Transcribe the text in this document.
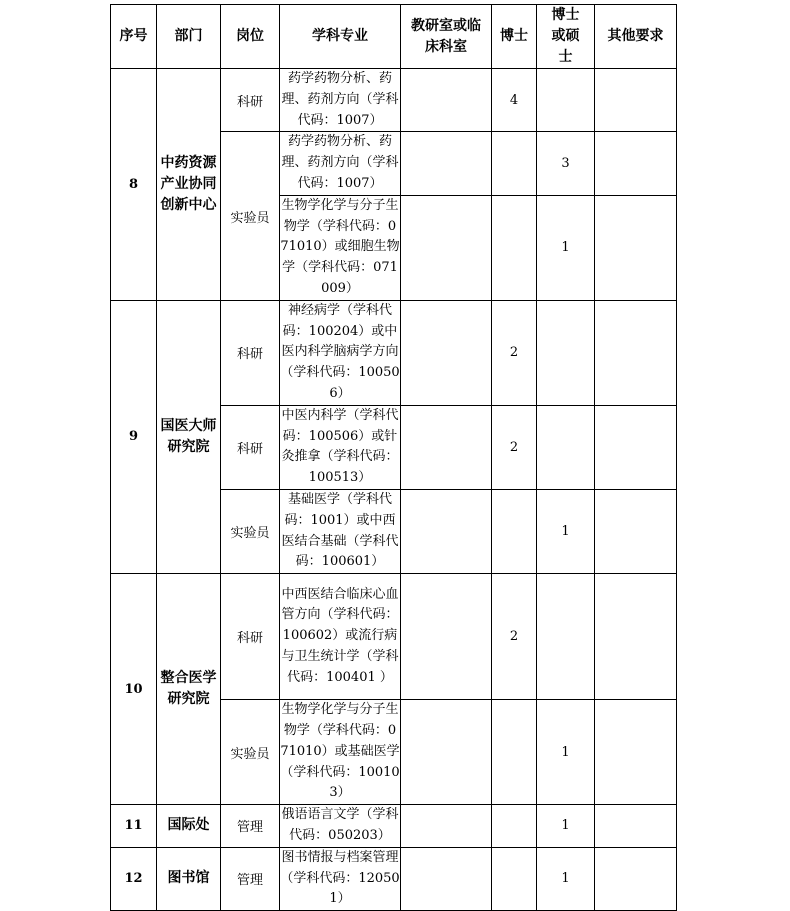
序号	部门	岗位	学科专业	教研室或临床科室	博士	博士或硕士	其他要求
8	中药资源产业协同创新中心	科研	药学药物分析、药理、药剂方向（学科代码：1007）		4		
		实验员	药学药物分析、药理、药剂方向（学科代码：1007）			3	
			生物学化学与分子生物学（学科代码：071010）或细胞生物学（学科代码：071009）			1	
9	国医大师研究院	科研	神经病学（学科代码：100204）或中医内科学脑病学方向（学科代码：100506）		2		
		科研	中医内科学（学科代码：100506）或针灸推拿（学科代码：100513）		2		
		实验员	基础医学（学科代码：1001）或中西医结合基础（学科代码：100601）			1	
10	整合医学研究院	科研	中西医结合临床心血管方向（学科代码：100602）或流行病与卫生统计学（学科代码：100401 ）		2		
		实验员	生物学化学与分子生物学（学科代码：071010）或基础医学（学科代码：100103）			1	
11	国际处	管理	俄语语言文学（学科代码：050203）			1	
12	图书馆	管理	图书情报与档案管理（学科代码：120501）			1	
